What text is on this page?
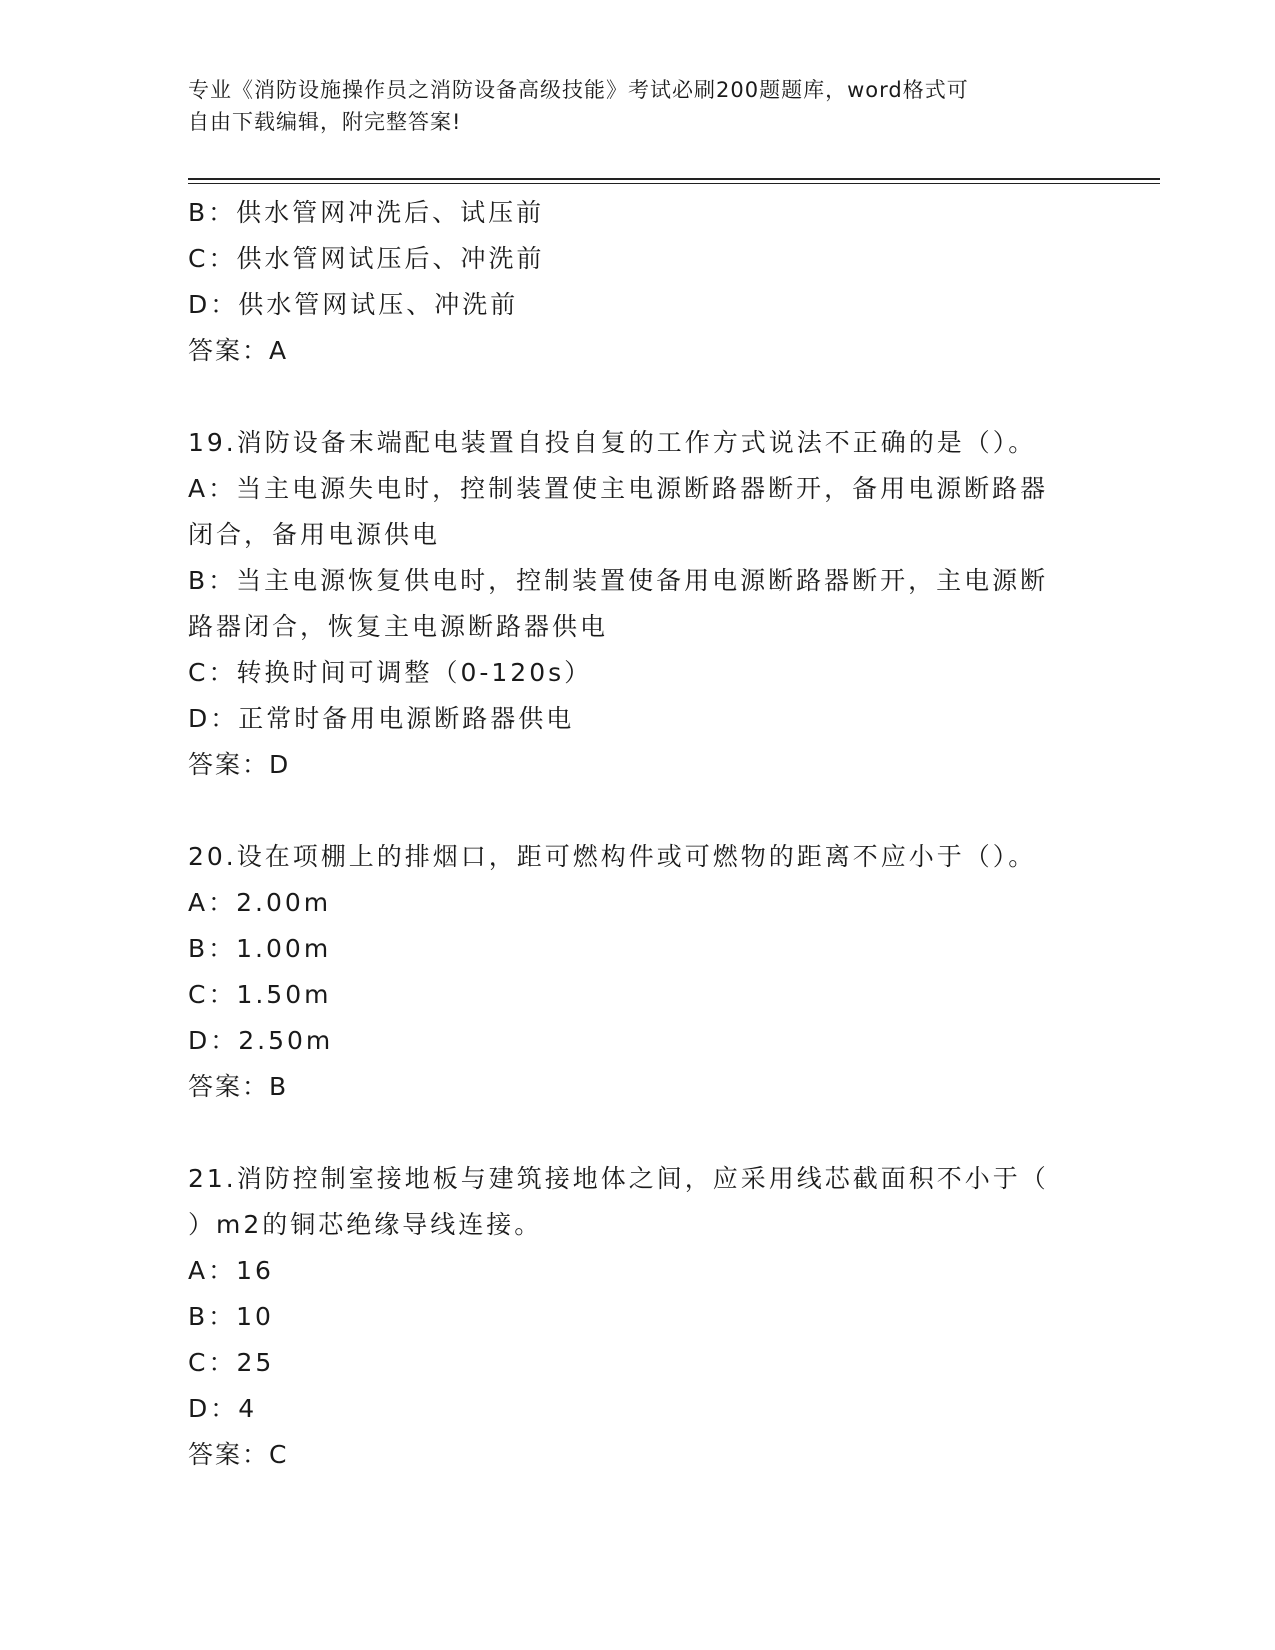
专业《消防设施操作员之消防设备高级技能》考试必刷200题题库，word格式可
自由下载编辑，附完整答案!
B：供水管网冲洗后、试压前
C：供水管网试压后、冲洗前
D：供水管网试压、冲洗前
答案：A
19.消防设备末端配电装置自投自复的工作方式说法不正确的是（）。
A：当主电源失电时，控制装置使主电源断路器断开，备用电源断路器
闭合，备用电源供电
B：当主电源恢复供电时，控制装置使备用电源断路器断开，主电源断
路器闭合，恢复主电源断路器供电
C：转换时间可调整（0-120s）
D：正常时备用电源断路器供电
答案：D
20.设在项棚上的排烟口，距可燃构件或可燃物的距离不应小于（）。
A：2.00m
B：1.00m
C：1.50m
D：2.50m
答案：B
21.消防控制室接地板与建筑接地体之间，应采用线芯截面积不小于（
）m2的铜芯绝缘导线连接。
A：16
B：10
C：25
D：4
答案：C
